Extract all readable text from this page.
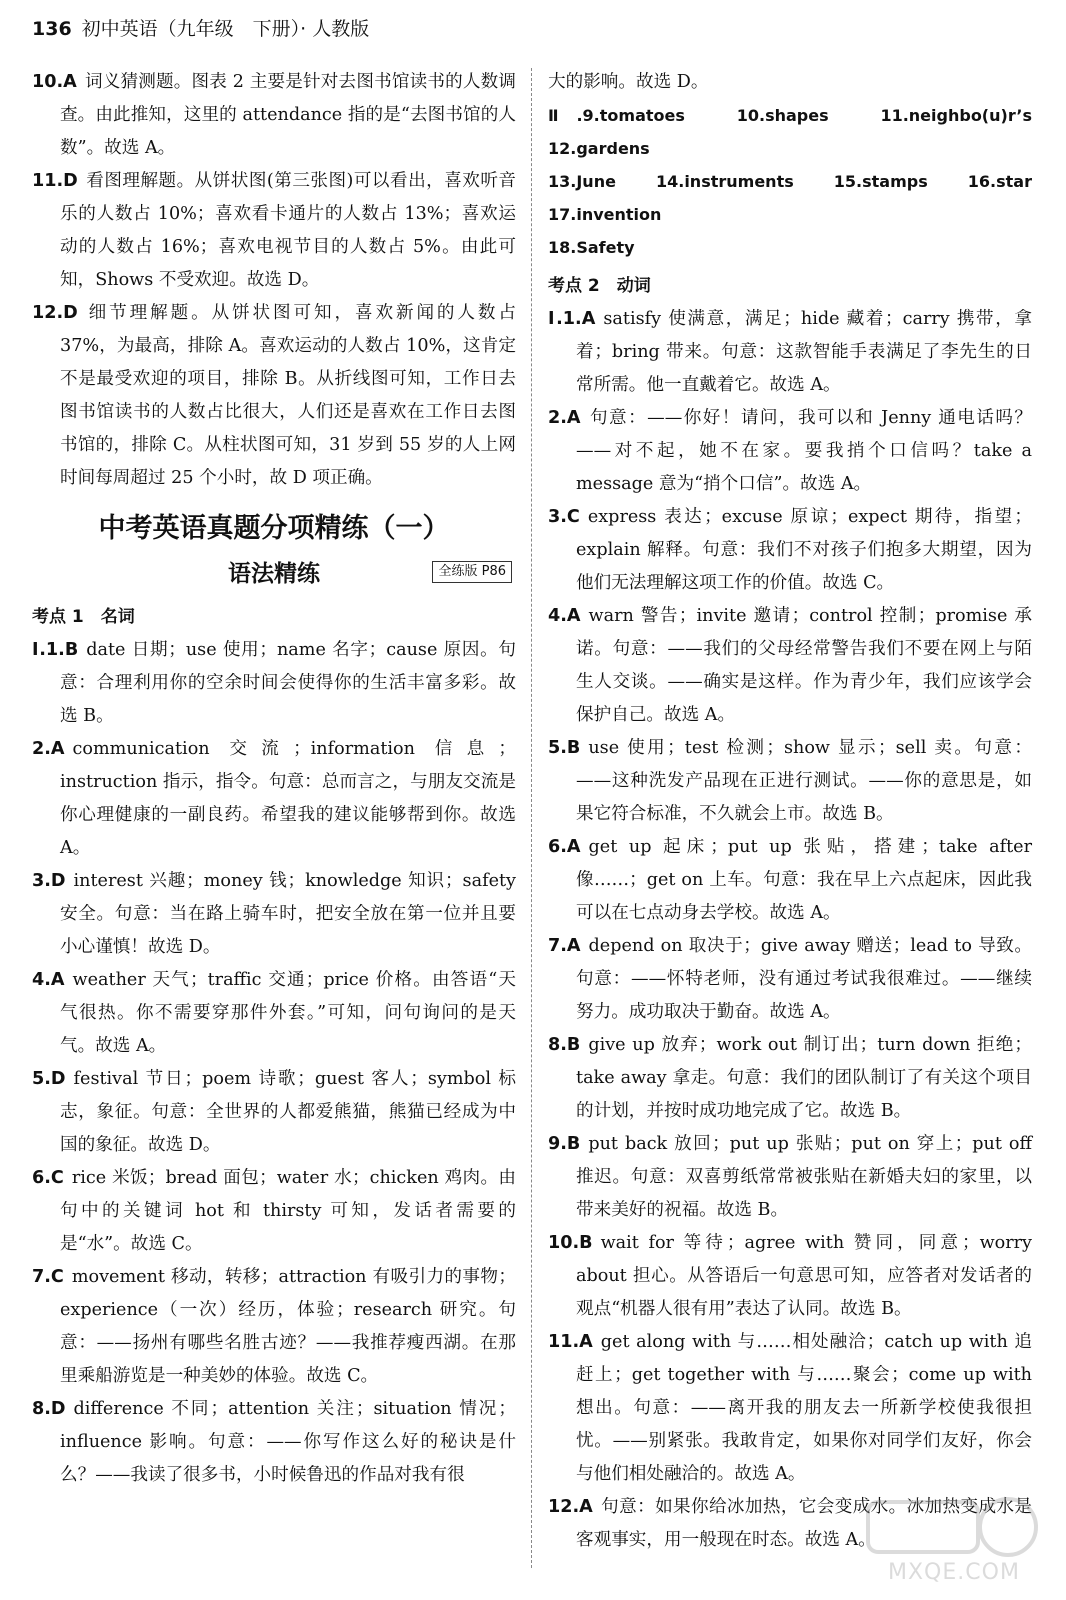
136 初中英语（九年级　下册）· 人教版
10.A 词义猜测题。图表 2 主要是针对去图书馆读书的人数调查。由此推知，这里的 attendance 指的是“去图书馆的人数”。故选 A。
11.D 看图理解题。从饼状图(第三张图)可以看出，喜欢听音乐的人数占 10%；喜欢看卡通片的人数占 13%；喜欢运动的人数占 16%；喜欢电视节目的人数占 5%。由此可知，Shows 不受欢迎。故选 D。
12.D 细节理解题。从饼状图可知，喜欢新闻的人数占 37%，为最高，排除 A。喜欢运动的人数占 10%，这肯定不是最受欢迎的项目，排除 B。从折线图可知，工作日去图书馆读书的人数占比很大，人们还是喜欢在工作日去图书馆的，排除 C。从柱状图可知，31 岁到 55 岁的人上网时间每周超过 25 个小时，故 D 项正确。
中考英语真题分项精练（一）
语法精练	全练版 P86
考点 1　名词
Ⅰ.1.B date 日期；use 使用；name 名字；cause 原因。句意：合理利用你的空余时间会使得你的生活丰富多彩。故选 B。
2.A communication 交流；information 信息；instruction 指示，指令。句意：总而言之，与朋友交流是你心理健康的一副良药。希望我的建议能够帮到你。故选 A。
3.D interest 兴趣；money 钱；knowledge 知识；safety 安全。句意：当在路上骑车时，把安全放在第一位并且要小心谨慎！故选 D。
4.A weather 天气；traffic 交通；price 价格。由答语“天气很热。你不需要穿那件外套。”可知，问句询问的是天气。故选 A。
5.D festival 节日；poem 诗歌；guest 客人；symbol 标志，象征。句意：全世界的人都爱熊猫，熊猫已经成为中国的象征。故选 D。
6.C rice 米饭；bread 面包；water 水；chicken 鸡肉。由句中的关键词 hot 和 thirsty 可知，发话者需要的是“水”。故选 C。
7.C movement 移动，转移；attraction 有吸引力的事物；experience（一次）经历，体验；research 研究。句意：——扬州有哪些名胜古迹？——我推荐瘦西湖。在那里乘船游览是一种美妙的体验。故选 C。
8.D difference 不同；attention 关注；situation 情况；influence 影响。句意：——你写作这么好的秘诀是什么？——我读了很多书，小时候鲁迅的作品对我有很
大的影响。故选 D。
Ⅱ.9.tomatoes　10.shapes　11.neighbo(u)r’s　12.gardens
13.June　14.instruments　15.stamps　16.star　17.invention
18.Safety
考点 2　动词
Ⅰ.1.A satisfy 使满意，满足；hide 藏着；carry 携带，拿着；bring 带来。句意：这款智能手表满足了李先生的日常所需。他一直戴着它。故选 A。
2.A 句意：——你好！请问，我可以和 Jenny 通电话吗？——对不起，她不在家。要我捎个口信吗？take a message 意为“捎个口信”。故选 A。
3.C express 表达；excuse 原谅；expect 期待，指望；explain 解释。句意：我们不对孩子们抱多大期望，因为他们无法理解这项工作的价值。故选 C。
4.A warn 警告；invite 邀请；control 控制；promise 承诺。句意：——我们的父母经常警告我们不要在网上与陌生人交谈。——确实是这样。作为青少年，我们应该学会保护自己。故选 A。
5.B use 使用；test 检测；show 显示；sell 卖。句意：——这种洗发产品现在正进行测试。——你的意思是，如果它符合标准，不久就会上市。故选 B。
6.A get up 起床；put up 张贴，搭建；take after 像……；get on 上车。句意：我在早上六点起床，因此我可以在七点动身去学校。故选 A。
7.A depend on 取决于；give away 赠送；lead to 导致。句意：——怀特老师，没有通过考试我很难过。——继续努力。成功取决于勤奋。故选 A。
8.B give up 放弃；work out 制订出；turn down 拒绝；take away 拿走。句意：我们的团队制订了有关这个项目的计划，并按时成功地完成了它。故选 B。
9.B put back 放回；put up 张贴；put on 穿上；put off 推迟。句意：双喜剪纸常常被张贴在新婚夫妇的家里，以带来美好的祝福。故选 B。
10.B wait for 等待；agree with 赞同，同意；worry about 担心。从答语后一句意思可知，应答者对发话者的观点“机器人很有用”表达了认同。故选 B。
11.A get along with 与……相处融洽；catch up with 追赶上；get together with 与……聚会；come up with 想出。句意：——离开我的朋友去一所新学校使我很担忧。——别紧张。我敢肯定，如果你对同学们友好，你会与他们相处融洽的。故选 A。
12.A 句意：如果你给冰加热，它会变成水。冰加热变成水是客观事实，用一般现在时态。故选 A。
MXQE.COM
